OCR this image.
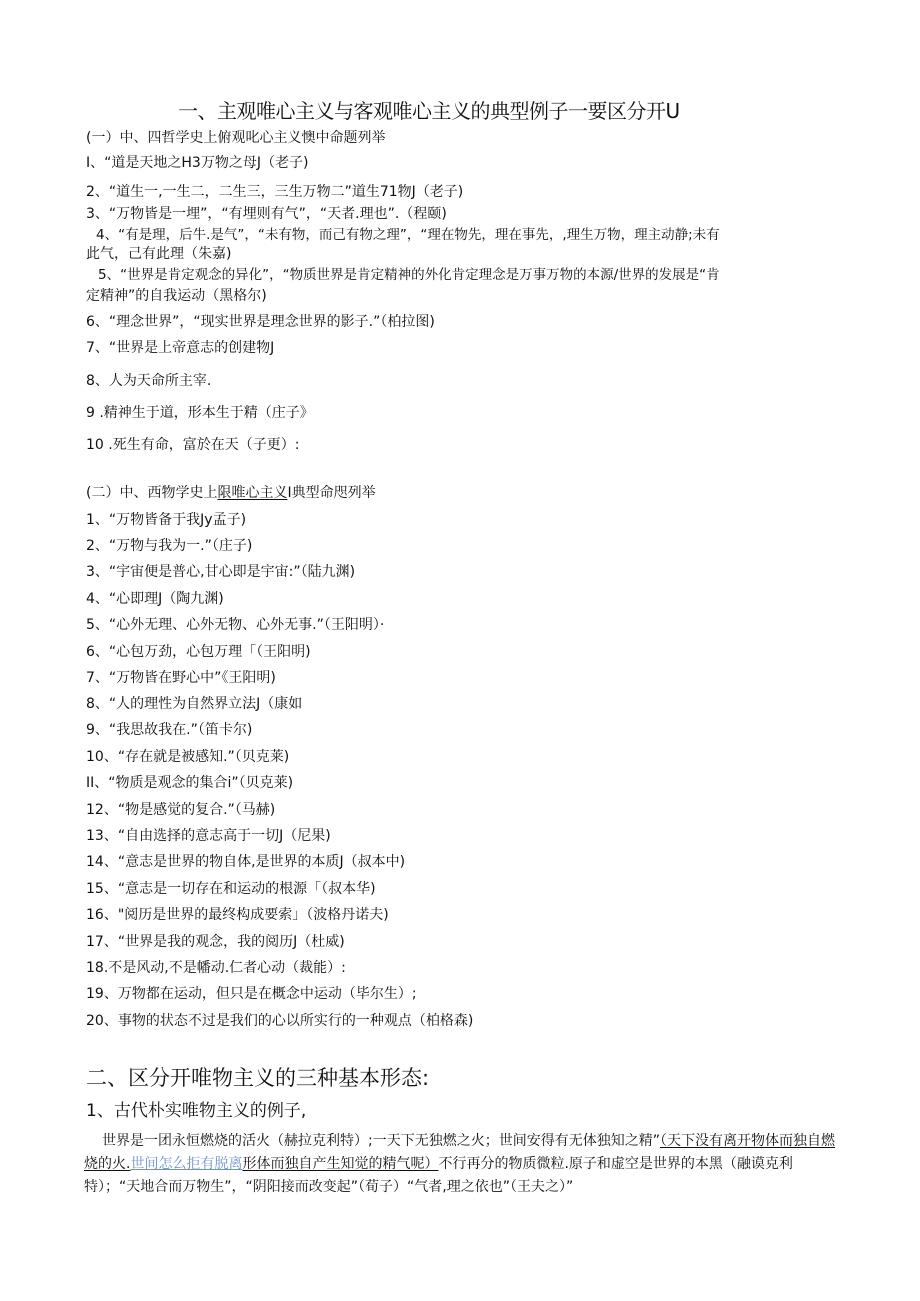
一、主观唯心主义与客观唯心主义的典型例子一要区分开U
(一）中、四哲学史上俯观叱心主义懊中命题列举
I、“道是天地之H3万物之母J（老子)
2、“道生一,一生二，二生三，三生万物二”道生71物J（老子)
3、“万物皆是一埋”，“有埋则有气”，“天者.理也”.（程颐)
4、“有是理，后牛.是气”，“未有物，而己有物之理”，“理在物先，理在事先，,理生万物，理主动静;未有
此气，己有此理（朱嘉)
5、“世界是肯定观念的异化”，“物质世界是肯定精神的外化肯定理念是万事万物的本源/世界的发展是“肯
定精神”的自我运动（黑格尔)
6、“理念世界”，“现实世界是理念世界的影子.”（柏拉图)
7、“世界是上帝意志的创建物J
8、人为天命所主宰.
9 .精神生于道，形本生于精（庄子》
10 .死生有命，富於在天（子更）:
(二）中、西物学史上限唯心主义I典型命咫列举
1、“万物皆备于我Jy孟子)
2、“万物与我为一.”（庄子)
3、“宇宙便是普心,甘心即是宇宙:”（陆九渊)
4、“心即理J（陶九渊)
5、“心外无理、心外无物、心外无事.”（王阳明）·
6、“心包万劲，心包万理「（王阳明)
7、“万物皆在野心中”《王阳明)
8、“人的理性为自然界立法J（康如
9、“我思故我在.”（笛卡尔)
10、“存在就是被感知.”（贝克莱)
II、“物质是观念的集合i”（贝克莱)
12、“物是感觉的复合.”（马赫)
13、“自由选择的意志高于一切J（尼果)
14、“意志是世界的物自体,是世界的本质J（叔本中)
15、“意志是一切存在和运动的根源「（叔本华)
16、"阅历是世界的最终构成要索」（波格丹诺夫)
17、“世界是我的观念，我的阅历J（杜威)
18.不是风动,不是幡动.仁者心动（裁能）:
19、万物都在运动，但只是在概念中运动（毕尔生）;
20、事物的状态不过是我们的心以所实行的一种观点（柏格森)
二、区分开唯物主义的三种基本形态:
1、古代朴实唯物主义的例子,
世界是一团永恒燃烧的活火（赫拉克利特）;一天下无独燃之火；世间安得有无体独知之精”（天下没有离开物体而独自燃烧的火.世间怎么拒有脱离形体而独自产生知觉的精气呢）不行再分的物质微粒.原子和虚空是世界的本黑（融谟克利特）；“天地合而万物生”，“阴阳接而改变起”（荀子）“气者,理之依也”（王夫之）”
